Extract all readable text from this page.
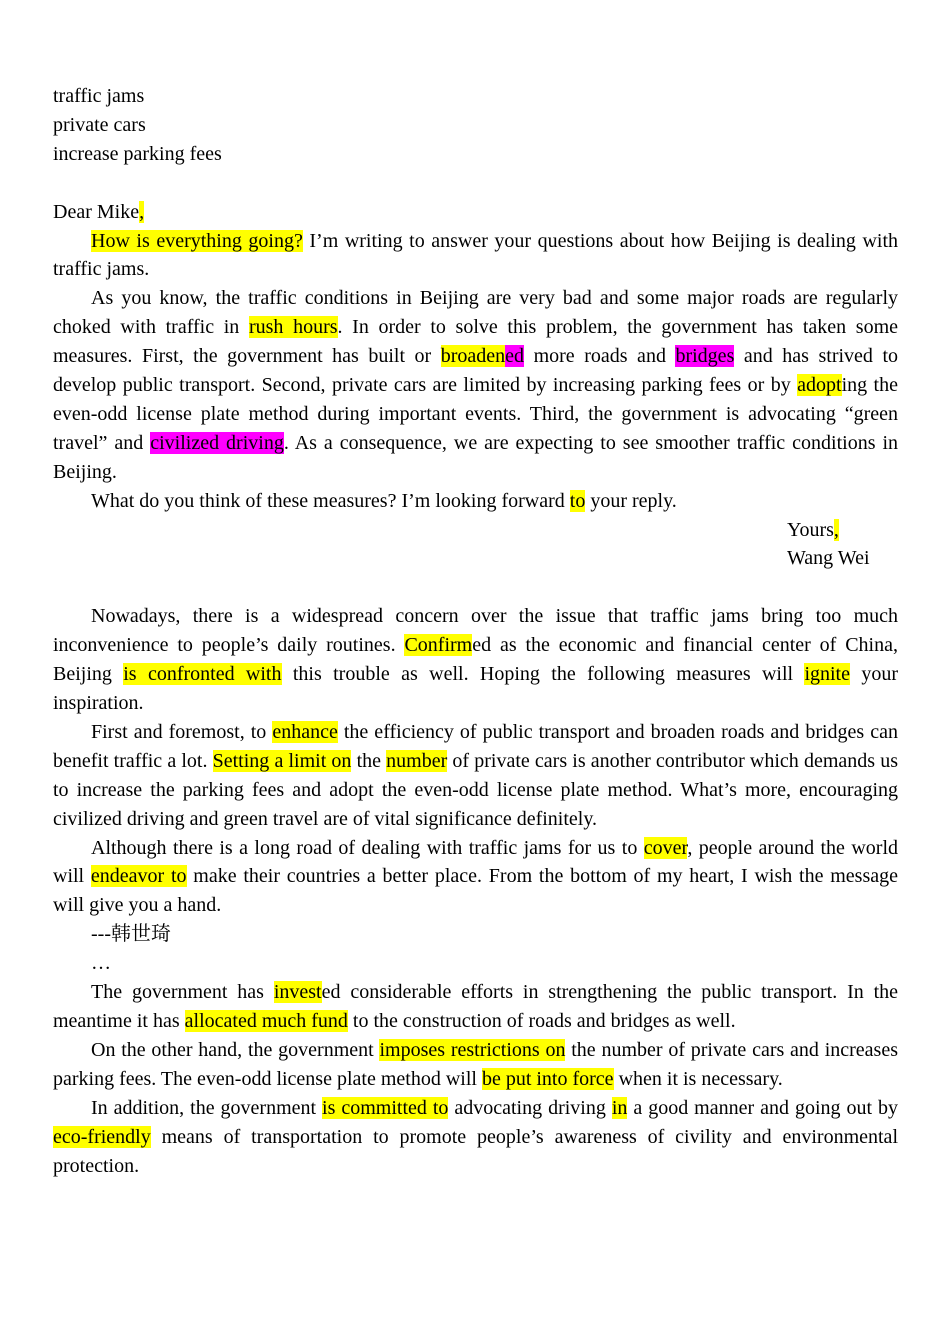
traffic jams

private cars

increase parking fees

Dear Mike,

How is everything going? I’m writing to answer your questions about how Beijing is dealing with traffic jams.

As you know, the traffic conditions in Beijing are very bad and some major roads are regularly choked with traffic in rush hours. In order to solve this problem, the government has taken some measures. First, the government has built or broadened more roads and bridges and has strived to develop public transport. Second, private cars are limited by increasing parking fees or by adopting the even-odd license plate method during important events. Third, the government is advocating “green travel” and civilized driving. As a consequence, we are expecting to see smoother traffic conditions in Beijing.

What do you think of these measures? I’m looking forward to your reply.

Yours,

Wang Wei

Nowadays, there is a widespread concern over the issue that traffic jams bring too much inconvenience to people’s daily routines. Confirmed as the economic and financial center of China, Beijing is confronted with this trouble as well. Hoping the following measures will ignite your inspiration.

First and foremost, to enhance the efficiency of public transport and broaden roads and bridges can benefit traffic a lot. Setting a limit on the number of private cars is another contributor which demands us to increase the parking fees and adopt the even-odd license plate method. What’s more, encouraging civilized driving and green travel are of vital significance definitely.

Although there is a long road of dealing with traffic jams for us to cover, people around the world will endeavor to make their countries a better place. From the bottom of my heart, I wish the message will give you a hand.

---韩世琦

…

The government has invested considerable efforts in strengthening the public transport. In the meantime it has allocated much fund to the construction of roads and bridges as well.

On the other hand, the government imposes restrictions on the number of private cars and increases parking fees. The even-odd license plate method will be put into force when it is necessary.

In addition, the government is committed to advocating driving in a good manner and going out by eco-friendly means of transportation to promote people’s awareness of civility and environmental protection.
